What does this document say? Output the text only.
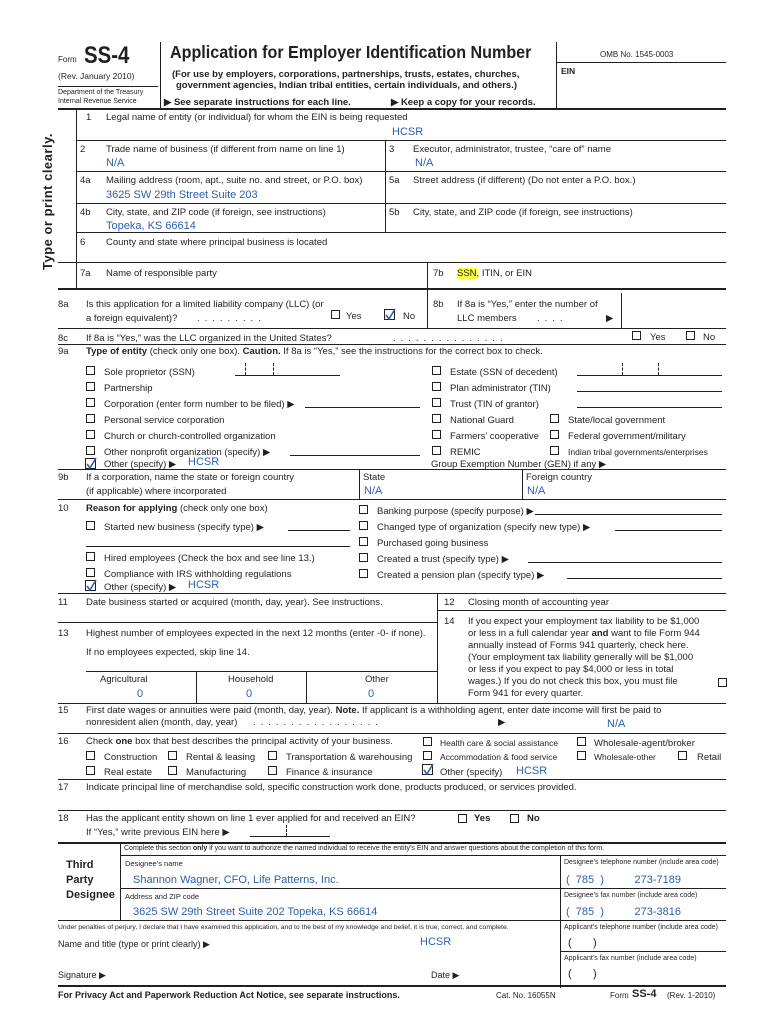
Form SS-4
(Rev. January 2010)
Department of the Treasury
Internal Revenue Service
Application for Employer Identification Number
(For use by employers, corporations, partnerships, trusts, estates, churches,
government agencies, Indian tribal entities, certain individuals, and others.)
▶ See separate instructions for each line.	▶ Keep a copy for your records.
OMB No. 1545-0003
EIN
Type or print clearly.
1 Legal name of entity (or individual) for whom the EIN is being requested
HCSR
2 Trade name of business (if different from name on line 1)
N/A
3 Executor, administrator, trustee, “care of” name
N/A
4a Mailing address (room, apt., suite no. and street, or P.O. box)
3625 SW 29th Street Suite 203
5a Street address (if different) (Do not enter a P.O. box.)
4b City, state, and ZIP code (if foreign, see instructions)
Topeka, KS 66614
5b City, state, and ZIP code (if foreign, see instructions)
6 County and state where principal business is located
7a Name of responsible party	7b SSN, ITIN, or EIN
8a Is this application for a limited liability company (LLC) (or
a foreign equivalent)? .........	Yes	No
8b If 8a is “Yes,” enter the number of
LLC members ....	▶
8c If 8a is “Yes,” was the LLC organized in the United States?	...............	Yes	No
9a Type of entity (check only one box). Caution. If 8a is “Yes,” see the instructions for the correct box to check.
Sole proprietor (SSN)
Partnership
Corporation (enter form number to be filed) ▶
Personal service corporation
Church or church-controlled organization
Other nonprofit organization (specify) ▶
Other (specify) ▶ HCSR
Estate (SSN of decedent)
Plan administrator (TIN)
Trust (TIN of grantor)
National Guard
Farmers’ cooperative
REMIC
State/local government
Federal government/military
Indian tribal governments/enterprises
Group Exemption Number (GEN) if any ▶
9b If a corporation, name the state or foreign country
(if applicable) where incorporated
State
N/A
Foreign country
N/A
10 Reason for applying (check only one box)
Started new business (specify type) ▶
Hired employees (Check the box and see line 13.)
Compliance with IRS withholding regulations
Other (specify) ▶ HCSR
Banking purpose (specify purpose) ▶
Changed type of organization (specify new type) ▶
Purchased going business
Created a trust (specify type) ▶
Created a pension plan (specify type) ▶
11 Date business started or acquired (month, day, year). See instructions.	12 Closing month of accounting year
13 Highest number of employees expected in the next 12 months (enter -0- if none).
If no employees expected, skip line 14.
Agricultural	Household	Other
0	0	0
14 If you expect your employment tax liability to be $1,000
or less in a full calendar year and want to file Form 944
annually instead of Forms 941 quarterly, check here.
(Your employment tax liability generally will be $1,000
or less if you expect to pay $4,000 or less in total
wages.) If you do not check this box, you must file
Form 941 for every quarter.
15 First date wages or annuities were paid (month, day, year). Note. If applicant is a withholding agent, enter date income will first be paid to
nonresident alien (month, day, year) .................	▶	N/A
16 Check one box that best describes the principal activity of your business.	Health care & social assistance	Wholesale-agent/broker
Construction	Rental & leasing	Transportation & warehousing	Accommodation & food service	Wholesale-other	Retail
Real estate	Manufacturing	Finance & insurance	Other (specify) HCSR
17 Indicate principal line of merchandise sold, specific construction work done, products produced, or services provided.
18 Has the applicant entity shown on line 1 ever applied for and received an EIN?	Yes	No
If “Yes,” write previous EIN here ▶
Complete this section only if you want to authorize the named individual to receive the entity’s EIN and answer questions about the completion of this form.
Third
Party
Designee
Designee’s name
Shannon Wagner, CFO, Life Patterns, Inc.
Designee’s telephone number (include area code)
(  785  )          273-7189
Address and ZIP code
3625 SW 29th Street Suite 202 Topeka, KS 66614
Designee’s fax number (include area code)
(  785  )          273-3816
Under penalties of perjury, I declare that I have examined this application, and to the best of my knowledge and belief, it is true, correct, and complete.	Applicant’s telephone number (include area code)
Name and title (type or print clearly) ▶	HCSR	(       )
Applicant’s fax number (include area code)
Signature ▶	Date ▶	(       )
For Privacy Act and Paperwork Reduction Act Notice, see separate instructions.	Cat. No. 16055N	Form SS-4 (Rev. 1-2010)
